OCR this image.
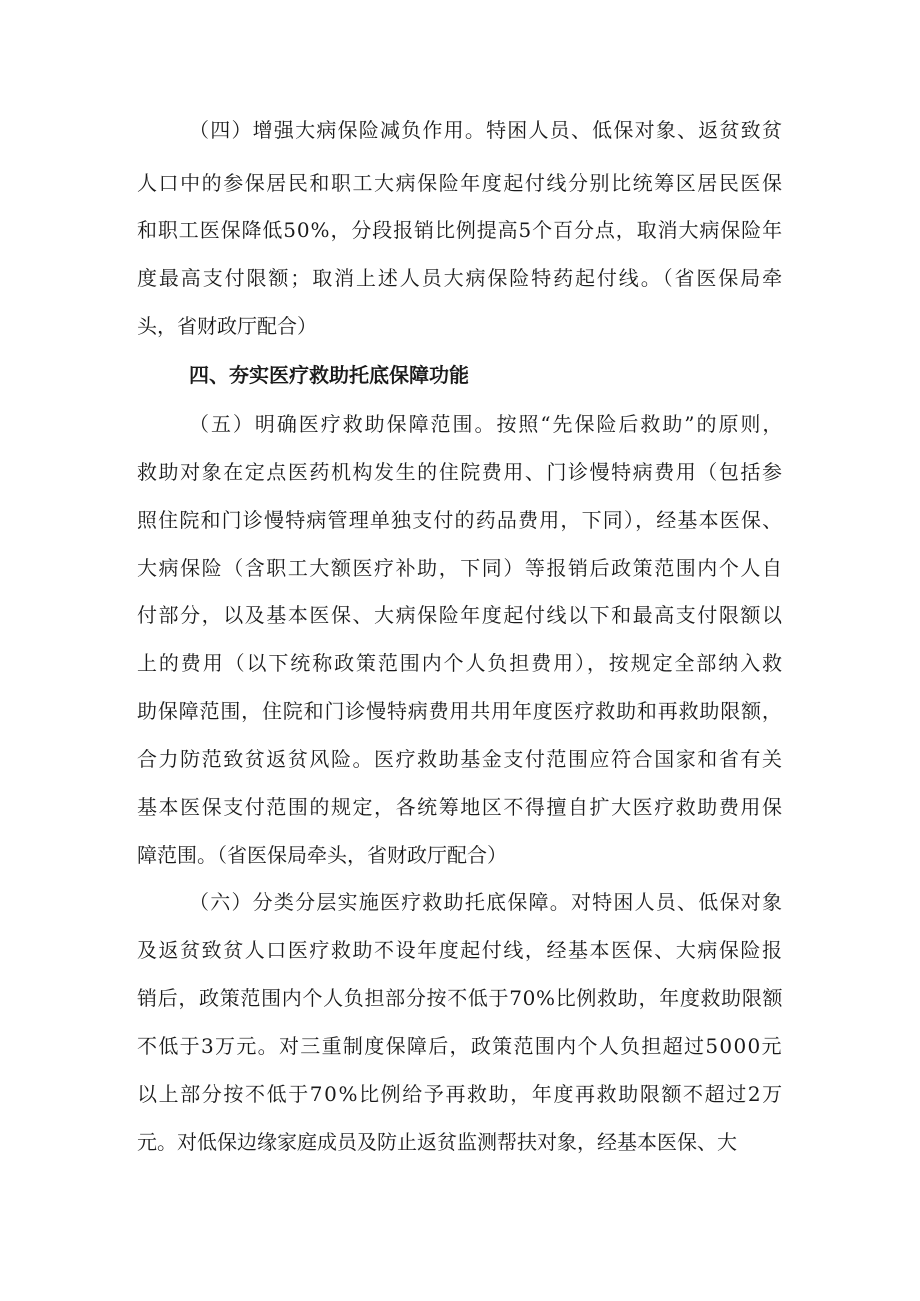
（四）增强大病保险减负作用。特困人员、低保对象、返贫致贫
人口中的参保居民和职工大病保险年度起付线分别比统筹区居民医保
和职工医保降低50%，分段报销比例提高5个百分点，取消大病保险年
度最高支付限额；取消上述人员大病保险特药起付线。（省医保局牵
头，省财政厅配合）
四、夯实医疗救助托底保障功能
（五）明确医疗救助保障范围。按照“先保险后救助”的原则，
救助对象在定点医药机构发生的住院费用、门诊慢特病费用（包括参
照住院和门诊慢特病管理单独支付的药品费用，下同），经基本医保、
大病保险（含职工大额医疗补助，下同）等报销后政策范围内个人自
付部分，以及基本医保、大病保险年度起付线以下和最高支付限额以
上的费用（以下统称政策范围内个人负担费用），按规定全部纳入救
助保障范围，住院和门诊慢特病费用共用年度医疗救助和再救助限额，
合力防范致贫返贫风险。医疗救助基金支付范围应符合国家和省有关
基本医保支付范围的规定，各统筹地区不得擅自扩大医疗救助费用保
障范围。（省医保局牵头，省财政厅配合）
（六）分类分层实施医疗救助托底保障。对特困人员、低保对象
及返贫致贫人口医疗救助不设年度起付线，经基本医保、大病保险报
销后，政策范围内个人负担部分按不低于70%比例救助，年度救助限额
不低于3万元。对三重制度保障后，政策范围内个人负担超过5000元
以上部分按不低于70%比例给予再救助，年度再救助限额不超过2万
元。对低保边缘家庭成员及防止返贫监测帮扶对象，经基本医保、大
